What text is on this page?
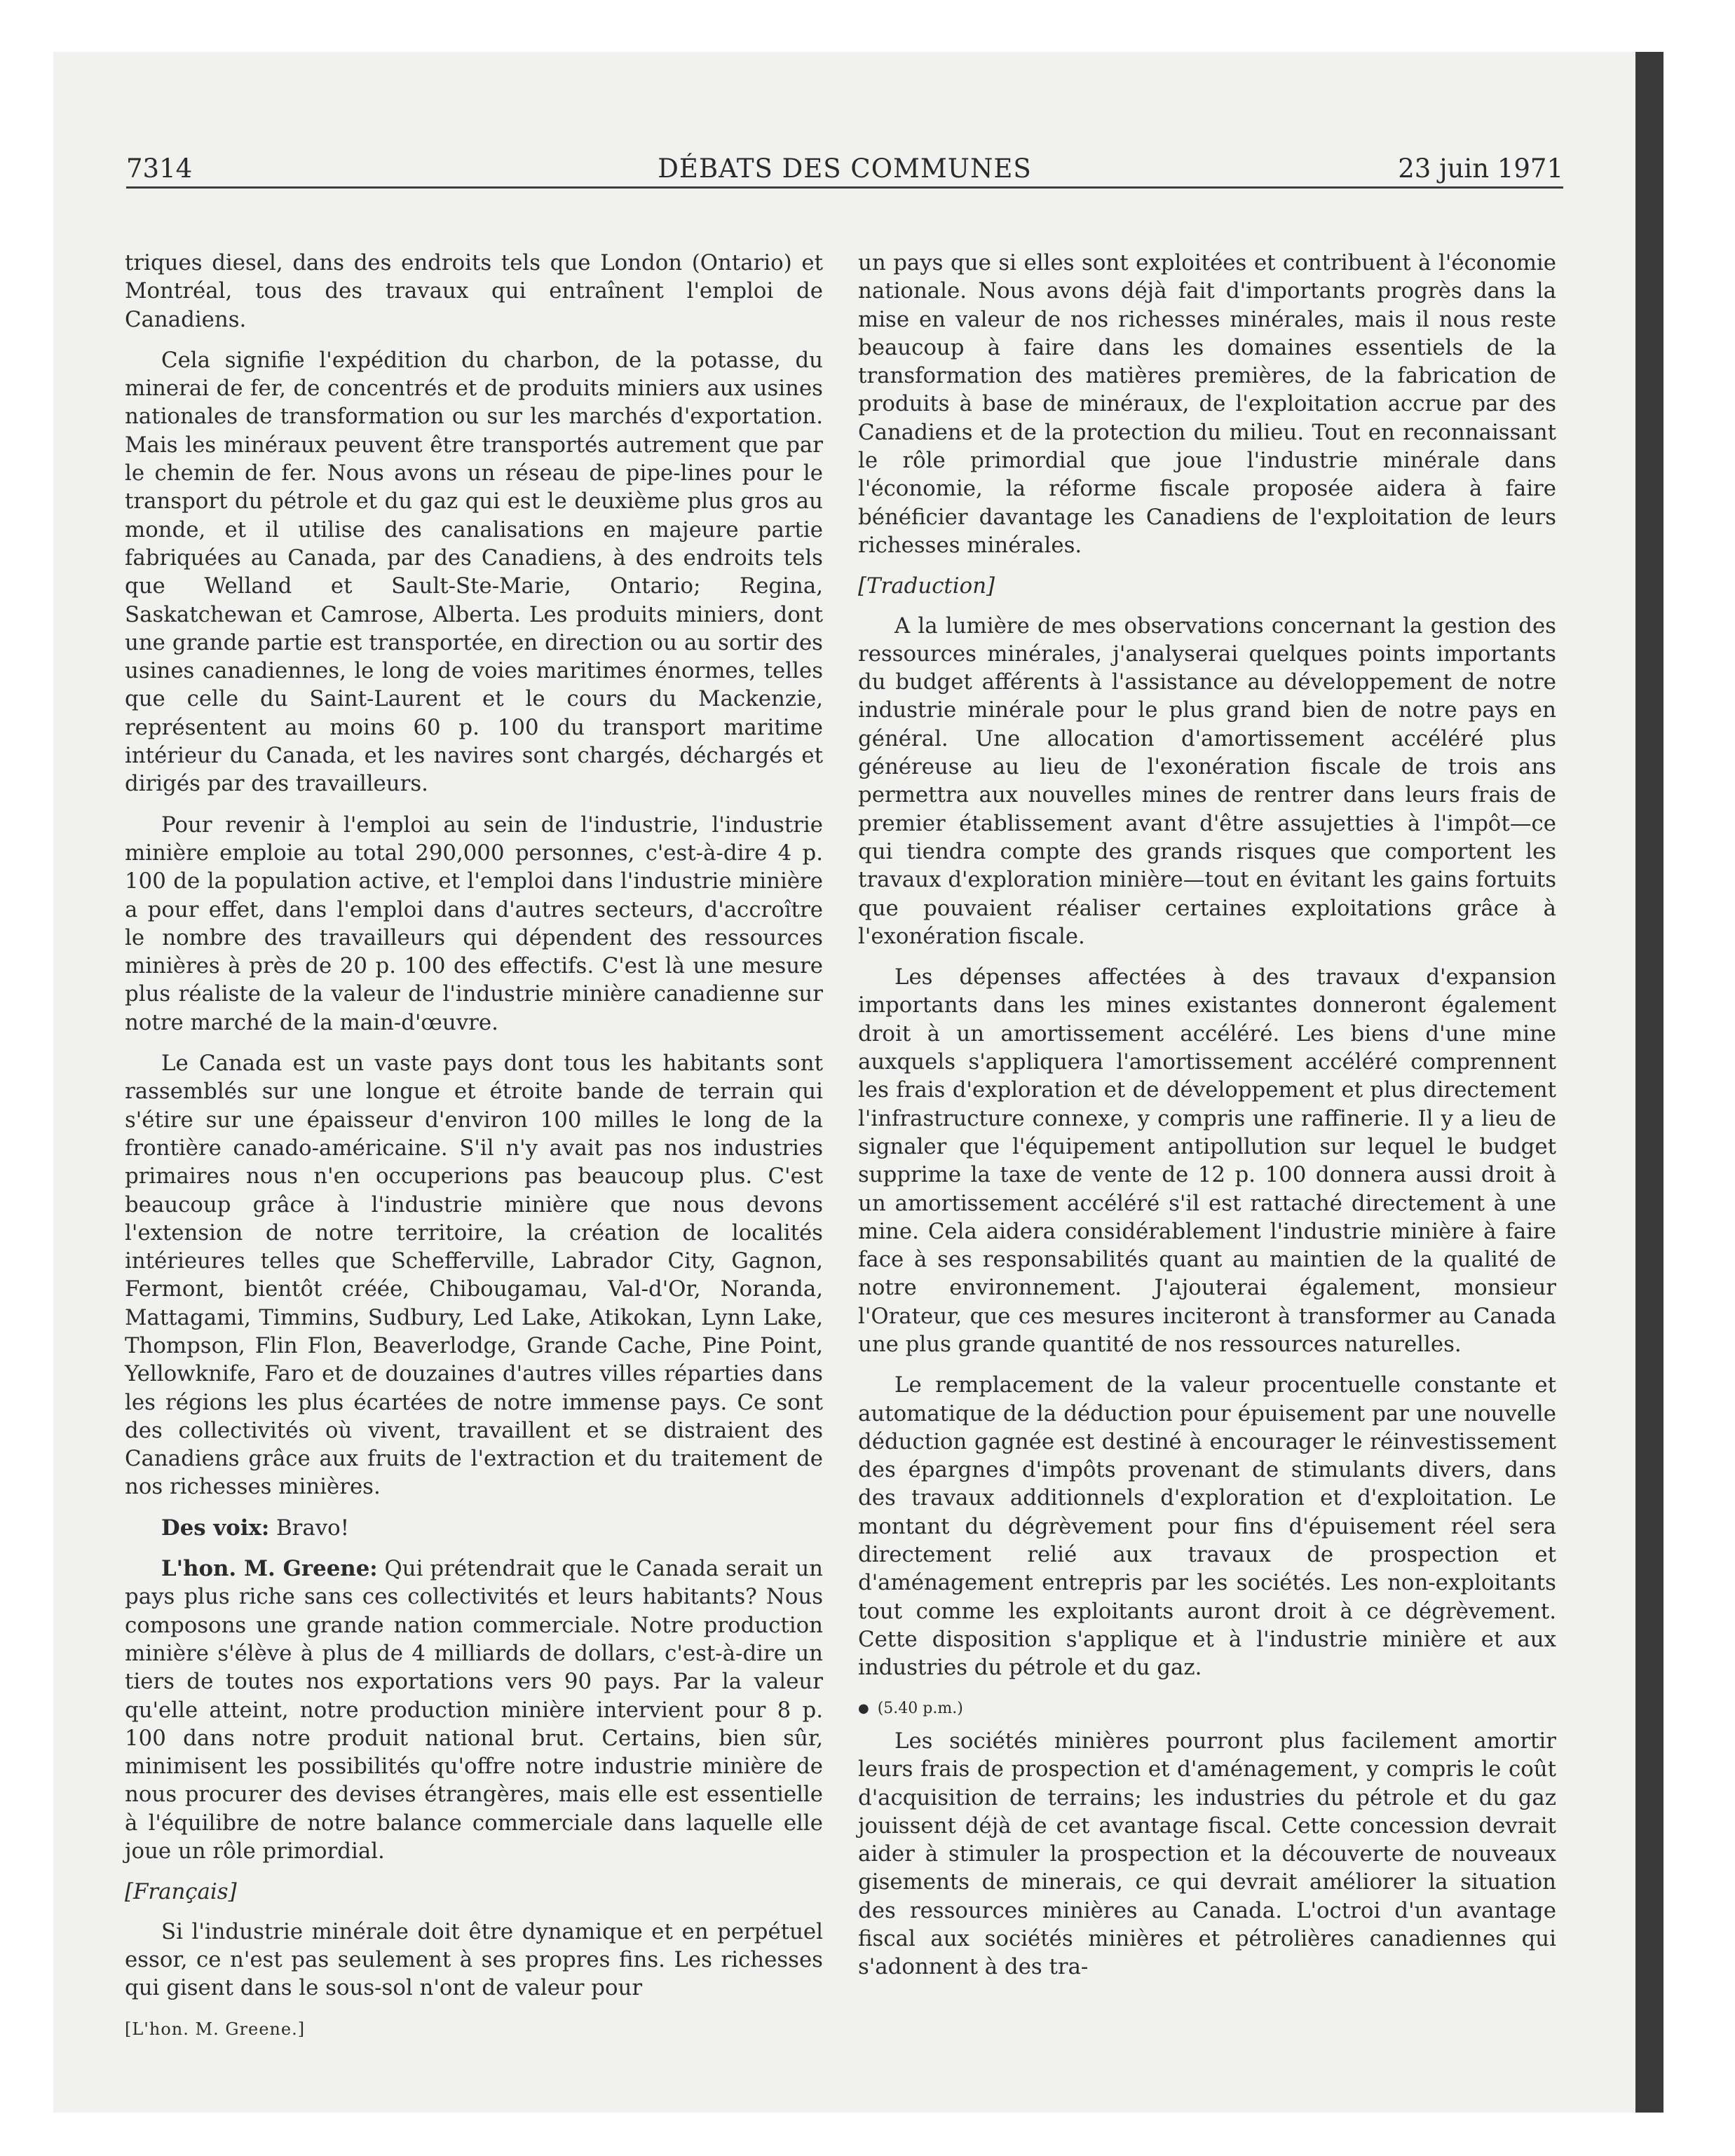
7314	DÉBATS DES COMMUNES	23 juin 1971

triques diesel, dans des endroits tels que London (Ontario) et Montréal, tous des travaux qui entraînent l'emploi de Canadiens.

Cela signifie l'expédition du charbon, de la potasse, du minerai de fer, de concentrés et de produits miniers aux usines nationales de transformation ou sur les marchés d'exportation. Mais les minéraux peuvent être transportés autrement que par le chemin de fer. Nous avons un réseau de pipe-lines pour le transport du pétrole et du gaz qui est le deuxième plus gros au monde, et il utilise des canalisations en majeure partie fabriquées au Canada, par des Canadiens, à des endroits tels que Welland et Sault-Ste-Marie, Ontario; Regina, Saskatchewan et Camrose, Alberta. Les produits miniers, dont une grande partie est transportée, en direction ou au sortir des usines canadiennes, le long de voies maritimes énormes, telles que celle du Saint-Laurent et le cours du Mackenzie, représentent au moins 60 p. 100 du transport maritime intérieur du Canada, et les navires sont chargés, déchargés et dirigés par des travailleurs.

Pour revenir à l'emploi au sein de l'industrie, l'industrie minière emploie au total 290,000 personnes, c'est-à-dire 4 p. 100 de la population active, et l'emploi dans l'industrie minière a pour effet, dans l'emploi dans d'autres secteurs, d'accroître le nombre des travailleurs qui dépendent des ressources minières à près de 20 p. 100 des effectifs. C'est là une mesure plus réaliste de la valeur de l'industrie minière canadienne sur notre marché de la main-d'œuvre.

Le Canada est un vaste pays dont tous les habitants sont rassemblés sur une longue et étroite bande de terrain qui s'étire sur une épaisseur d'environ 100 milles le long de la frontière canado-américaine. S'il n'y avait pas nos industries primaires nous n'en occuperions pas beaucoup plus. C'est beaucoup grâce à l'industrie minière que nous devons l'extension de notre territoire, la création de localités intérieures telles que Schefferville, Labrador City, Gagnon, Fermont, bientôt créée, Chibougamau, Val-d'Or, Noranda, Mattagami, Timmins, Sudbury, Led Lake, Atikokan, Lynn Lake, Thompson, Flin Flon, Beaverlodge, Grande Cache, Pine Point, Yellowknife, Faro et de douzaines d'autres villes réparties dans les régions les plus écartées de notre immense pays. Ce sont des collectivités où vivent, travaillent et se distraient des Canadiens grâce aux fruits de l'extraction et du traitement de nos richesses minières.

Des voix: Bravo!

L'hon. M. Greene: Qui prétendrait que le Canada serait un pays plus riche sans ces collectivités et leurs habitants? Nous composons une grande nation commerciale. Notre production minière s'élève à plus de 4 milliards de dollars, c'est-à-dire un tiers de toutes nos exportations vers 90 pays. Par la valeur qu'elle atteint, notre production minière intervient pour 8 p. 100 dans notre produit national brut. Certains, bien sûr, minimisent les possibilités qu'offre notre industrie minière de nous procurer des devises étrangères, mais elle est essentielle à l'équilibre de notre balance commerciale dans laquelle elle joue un rôle primordial.

[Français]

Si l'industrie minérale doit être dynamique et en perpétuel essor, ce n'est pas seulement à ses propres fins. Les richesses qui gisent dans le sous-sol n'ont de valeur pour

[L'hon. M. Greene.]

un pays que si elles sont exploitées et contribuent à l'économie nationale. Nous avons déjà fait d'importants progrès dans la mise en valeur de nos richesses minérales, mais il nous reste beaucoup à faire dans les domaines essentiels de la transformation des matières premières, de la fabrication de produits à base de minéraux, de l'exploitation accrue par des Canadiens et de la protection du milieu. Tout en reconnaissant le rôle primordial que joue l'industrie minérale dans l'économie, la réforme fiscale proposée aidera à faire bénéficier davantage les Canadiens de l'exploitation de leurs richesses minérales.

[Traduction]

A la lumière de mes observations concernant la gestion des ressources minérales, j'analyserai quelques points importants du budget afférents à l'assistance au développement de notre industrie minérale pour le plus grand bien de notre pays en général. Une allocation d'amortissement accéléré plus généreuse au lieu de l'exonération fiscale de trois ans permettra aux nouvelles mines de rentrer dans leurs frais de premier établissement avant d'être assujetties à l'impôt—ce qui tiendra compte des grands risques que comportent les travaux d'exploration minière—tout en évitant les gains fortuits que pouvaient réaliser certaines exploitations grâce à l'exonération fiscale.

Les dépenses affectées à des travaux d'expansion importants dans les mines existantes donneront également droit à un amortissement accéléré. Les biens d'une mine auxquels s'appliquera l'amortissement accéléré comprennent les frais d'exploration et de développement et plus directement l'infrastructure connexe, y compris une raffinerie. Il y a lieu de signaler que l'équipement antipollution sur lequel le budget supprime la taxe de vente de 12 p. 100 donnera aussi droit à un amortissement accéléré s'il est rattaché directement à une mine. Cela aidera considérablement l'industrie minière à faire face à ses responsabilités quant au maintien de la qualité de notre environnement. J'ajouterai également, monsieur l'Orateur, que ces mesures inciteront à transformer au Canada une plus grande quantité de nos ressources naturelles.

Le remplacement de la valeur procentuelle constante et automatique de la déduction pour épuisement par une nouvelle déduction gagnée est destiné à encourager le réinvestissement des épargnes d'impôts provenant de stimulants divers, dans des travaux additionnels d'exploration et d'exploitation. Le montant du dégrèvement pour fins d'épuisement réel sera directement relié aux travaux de prospection et d'aménagement entrepris par les sociétés. Les non-exploitants tout comme les exploitants auront droit à ce dégrèvement. Cette disposition s'applique et à l'industrie minière et aux industries du pétrole et du gaz.

● (5.40 p.m.)

Les sociétés minières pourront plus facilement amortir leurs frais de prospection et d'aménagement, y compris le coût d'acquisition de terrains; les industries du pétrole et du gaz jouissent déjà de cet avantage fiscal. Cette concession devrait aider à stimuler la prospection et la découverte de nouveaux gisements de minerais, ce qui devrait améliorer la situation des ressources minières au Canada. L'octroi d'un avantage fiscal aux sociétés minières et pétrolières canadiennes qui s'adonnent à des tra-
